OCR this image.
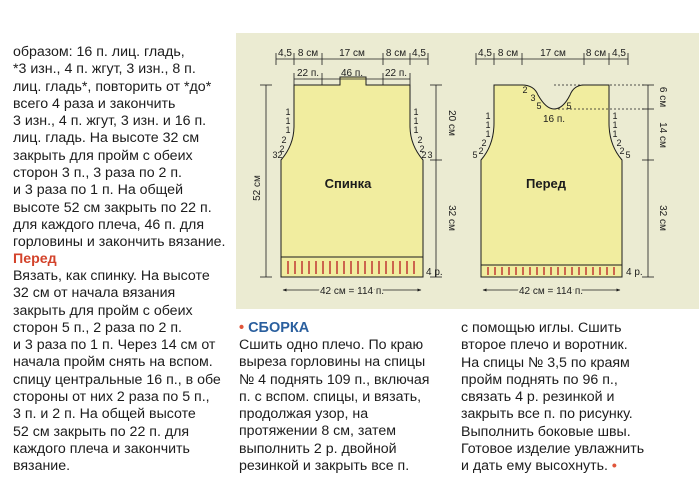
образом: 16 п. лиц. гладь,
*3 изн., 4 п. жгут, 3 изн., 8 п.
лиц. гладь*, повторить от *до*
всего 4 раза и закончить
3 изн., 4 п. жгут, 3 изн. и 16 п.
лиц. гладь. На высоте 32 см
закрыть для пройм с обеих
сторон 3 п., 3 раза по 2 п.
и 3 раза по 1 п. На общей
высоте 52 см закрыть по 22 п.
для каждого плеча, 46 п. для
горловины и закончить вязание.
Перед
Вязать, как спинку. На высоте
32 см от начала вязания
закрыть для пройм с обеих
сторон 5 п., 2 раза по 2 п.
и 3 раза по 1 п. Через 14 см от
начала пройм снять на вспом.
спицу центральные 16 п., в обе
стороны от них 2 раза по 5 п.,
3 п. и 2 п. На общей высоте
52 см закрыть по 22 п. для
каждого плеча и закончить
вязание.
• СБОРКА
Сшить одно плечо. По краю
выреза горловины на спицы
№ 4 поднять 109 п., включая
п. с вспом. спицы, и вязать,
продолжая узор, на
протяжении 8 см, затем
выполнить 2 р. двойной
резинкой и закрыть все п.
с помощью иглы. Сшить
второе плечо и воротник.
На спицы № 3,5 по краям
пройм поднять по 96 п.,
связать 4 р. резинкой и
закрыть все п. по рисунку.
Выполнить боковые швы.
Готовое изделие увлажнить
и дать ему высохнуть. •
Спинка
4,5 8 см 17 см 8 см 4,5
22 п. 46 п. 22 п.
1
1
1
2
2
2
3
1
1
1
2
2
2 3
52 см
20 см
32 см
4 р.
42 см = 114 п.
Перед
4,5 8 см 17 см 8 см 4,5
2
3
5	5
16 п.
1
1
1
2
2
5
1
1
1
2
2 5
6 см
14 см
32 см
4 р.
42 см = 114 п.
